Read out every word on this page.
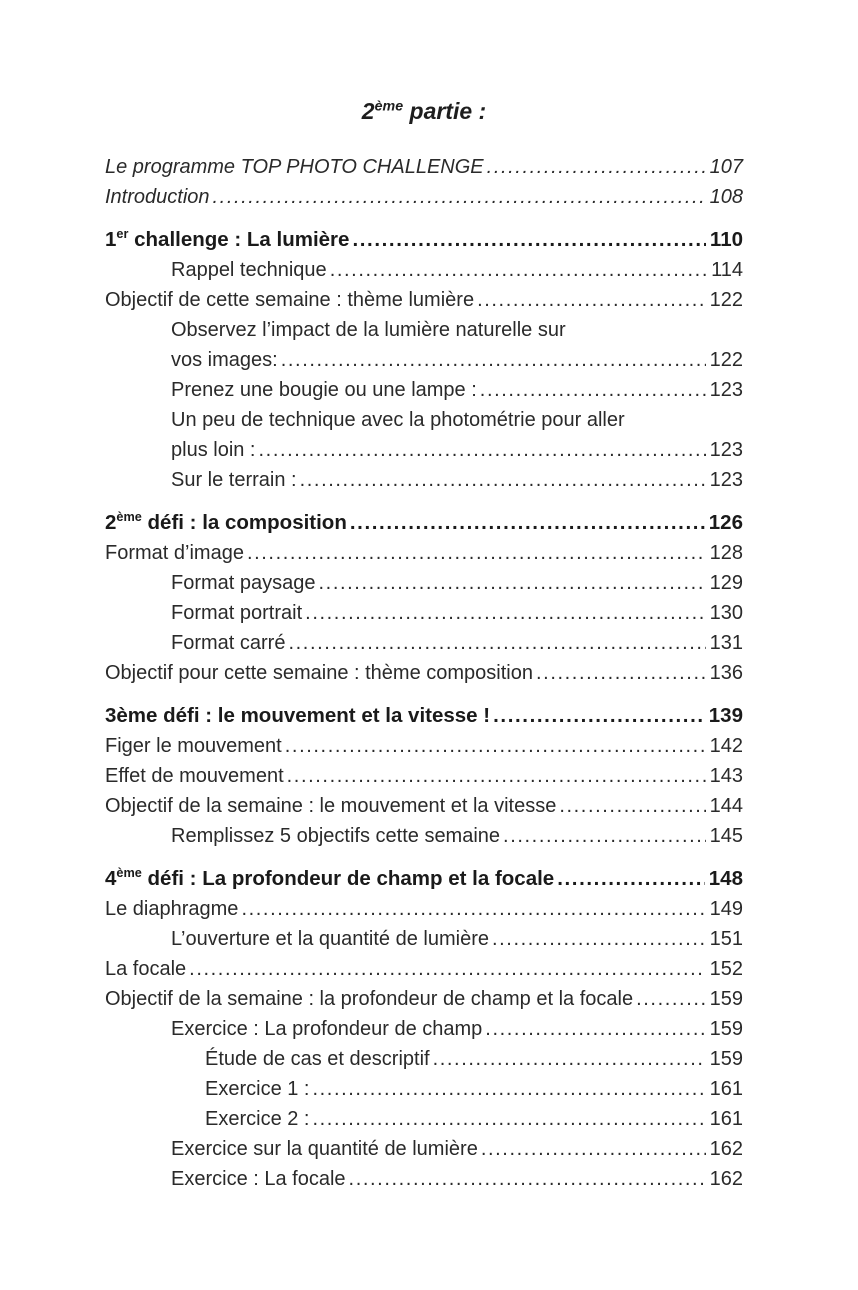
2ème partie :
Le programme TOP PHOTO CHALLENGE .....	107
Introduction .....	108
1er challenge : La lumière .....	110
Rappel technique .....	114
Objectif de cette semaine : thème lumière .....	122
Observez l’impact de la lumière naturelle sur
vos images: .....	122
Prenez une bougie ou une lampe : .....	123
Un peu de technique avec la photométrie pour aller
plus loin : .....	123
Sur le terrain : .....	123
2ème défi : la composition .....	126
Format d’image .....	128
Format paysage .....	129
Format portrait .....	130
Format carré .....	131
Objectif pour cette semaine : thème composition .....	136
3ème défi : le mouvement et la vitesse ! .....	139
Figer le mouvement .....	142
Effet de mouvement .....	143
Objectif de la semaine : le mouvement et la vitesse .....	144
Remplissez 5 objectifs cette semaine .....	145
4ème défi : La profondeur de champ et la focale .....	148
Le diaphragme .....	149
L’ouverture et la quantité de lumière .....	151
La focale .....	152
Objectif de la semaine : la profondeur de champ et la focale .....	159
Exercice : La profondeur de champ .....	159
Étude de cas et descriptif .....	159
Exercice 1 : .....	161
Exercice 2 : .....	161
Exercice sur la quantité de lumière .....	162
Exercice : La focale .....	162
